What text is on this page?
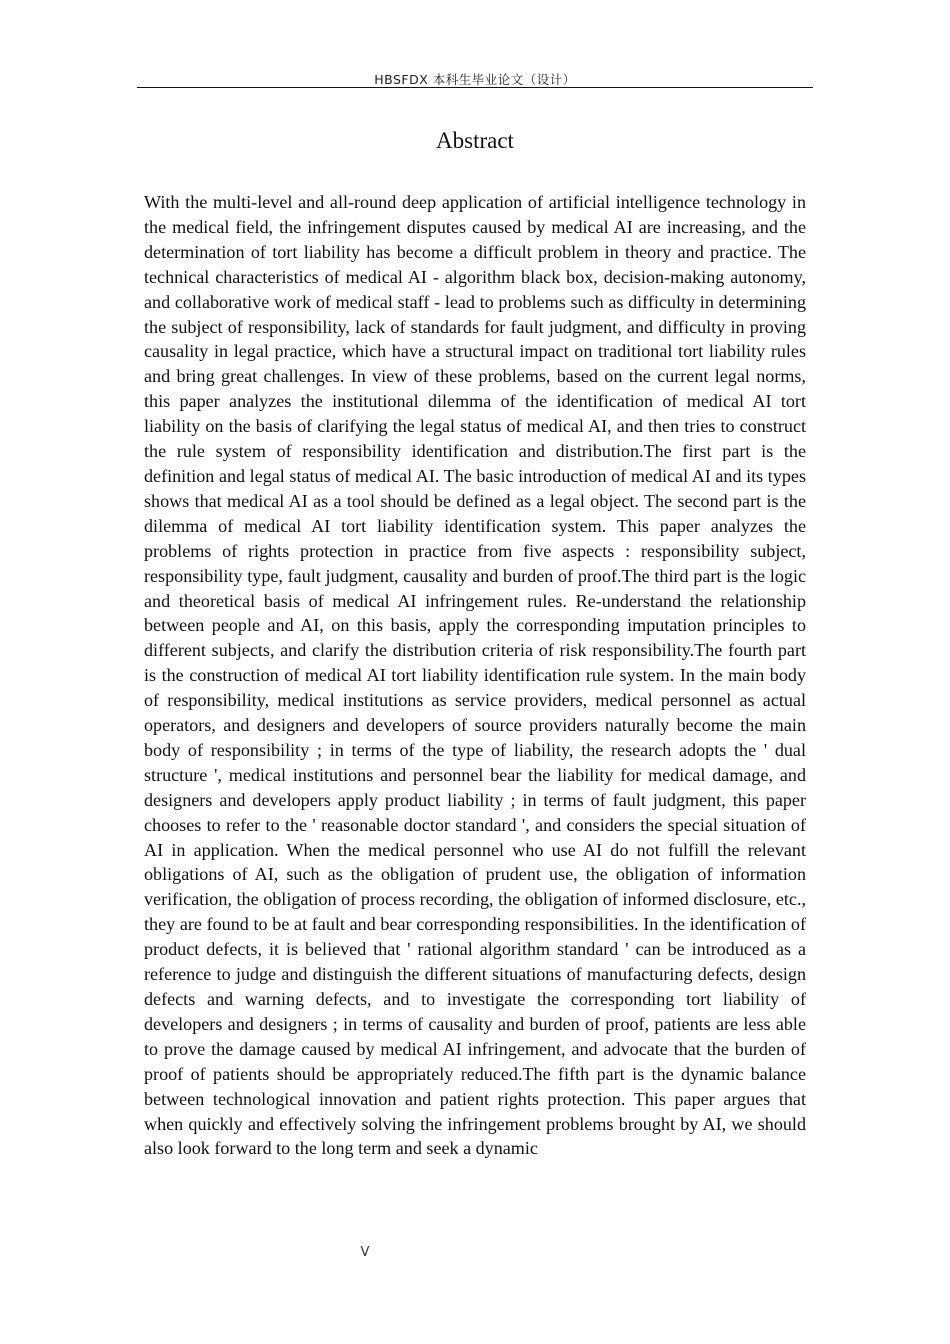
HBSFDX 本科生毕业论文（设计）
Abstract

With the multi-level and all-round deep application of artificial intelligence technology in the medical field, the infringement disputes caused by medical AI are increasing, and the determination of tort liability has become a difficult problem in theory and practice. The technical characteristics of medical AI - algorithm black box, decision-making autonomy, and collaborative work of medical staff - lead to problems such as difficulty in determining the subject of responsibility, lack of standards for fault judgment, and difficulty in proving causality in legal practice, which have a structural impact on traditional tort liability rules and bring great challenges. In view of these problems, based on the current legal norms, this paper analyzes the institutional dilemma of the identification of medical AI tort liability on the basis of clarifying the legal status of medical AI, and then tries to construct the rule system of responsibility identification and distribution.The first part is the definition and legal status of medical AI. The basic introduction of medical AI and its types shows that medical AI as a tool should be defined as a legal object. The second part is the dilemma of medical AI tort liability identification system. This paper analyzes the problems of rights protection in practice from five aspects : responsibility subject, responsibility type, fault judgment, causality and burden of proof.The third part is the logic and theoretical basis of medical AI infringement rules. Re-understand the relationship between people and AI, on this basis, apply the corresponding imputation principles to different subjects, and clarify the distribution criteria of risk responsibility.The fourth part is the construction of medical AI tort liability identification rule system. In the main body of responsibility, medical institutions as service providers, medical personnel as actual operators, and designers and developers of source providers naturally become the main body of responsibility ; in terms of the type of liability, the research adopts the ' dual structure ', medical institutions and personnel bear the liability for medical damage, and designers and developers apply product liability ; in terms of fault judgment, this paper chooses to refer to the ' reasonable doctor standard ', and considers the special situation of AI in application. When the medical personnel who use AI do not fulfill the relevant obligations of AI, such as the obligation of prudent use, the obligation of information verification, the obligation of process recording, the obligation of informed disclosure, etc., they are found to be at fault and bear corresponding responsibilities. In the identification of product defects, it is believed that ' rational algorithm standard ' can be introduced as a reference to judge and distinguish the different situations of manufacturing defects, design defects and warning defects, and to investigate the corresponding tort liability of developers and designers ; in terms of causality and burden of proof, patients are less able to prove the damage caused by medical AI infringement, and advocate that the burden of proof of patients should be appropriately reduced.The fifth part is the dynamic balance between technological innovation and patient rights protection. This paper argues that when quickly and effectively solving the infringement problems brought by AI, we should also look forward to the long term and seek a dynamic

V
